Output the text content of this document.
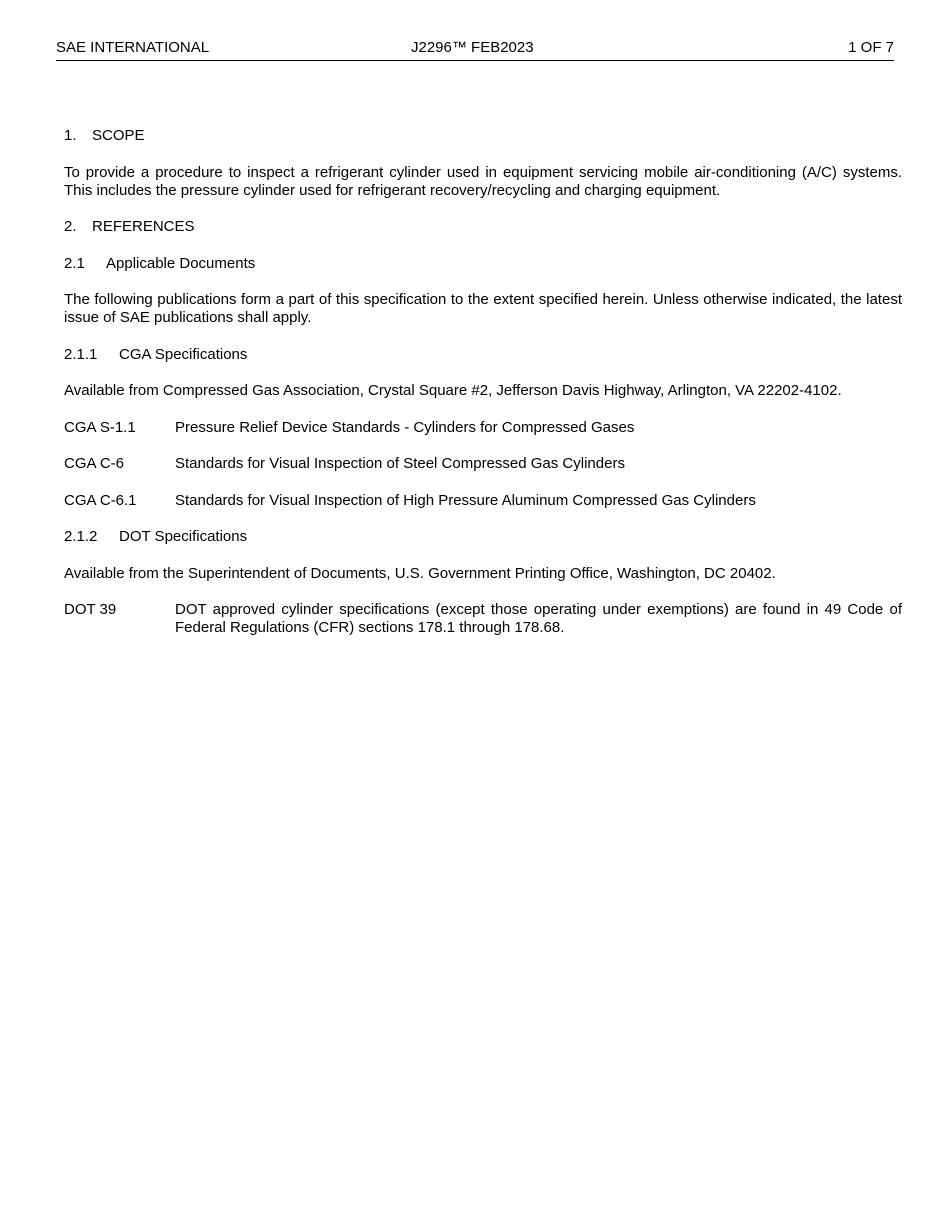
SAE INTERNATIONAL	J2296™ FEB2023	1 OF 7
1. SCOPE
To provide a procedure to inspect a refrigerant cylinder used in equipment servicing mobile air-conditioning (A/C) systems. This includes the pressure cylinder used for refrigerant recovery/recycling and charging equipment.
2. REFERENCES
2.1 Applicable Documents
The following publications form a part of this specification to the extent specified herein. Unless otherwise indicated, the latest issue of SAE publications shall apply.
2.1.1 CGA Specifications
Available from Compressed Gas Association, Crystal Square #2, Jefferson Davis Highway, Arlington, VA 22202-4102.
CGA S-1.1	Pressure Relief Device Standards - Cylinders for Compressed Gases
CGA C-6	Standards for Visual Inspection of Steel Compressed Gas Cylinders
CGA C-6.1	Standards for Visual Inspection of High Pressure Aluminum Compressed Gas Cylinders
2.1.2 DOT Specifications
Available from the Superintendent of Documents, U.S. Government Printing Office, Washington, DC 20402.
DOT 39	DOT approved cylinder specifications (except those operating under exemptions) are found in 49 Code of Federal Regulations (CFR) sections 178.1 through 178.68.
